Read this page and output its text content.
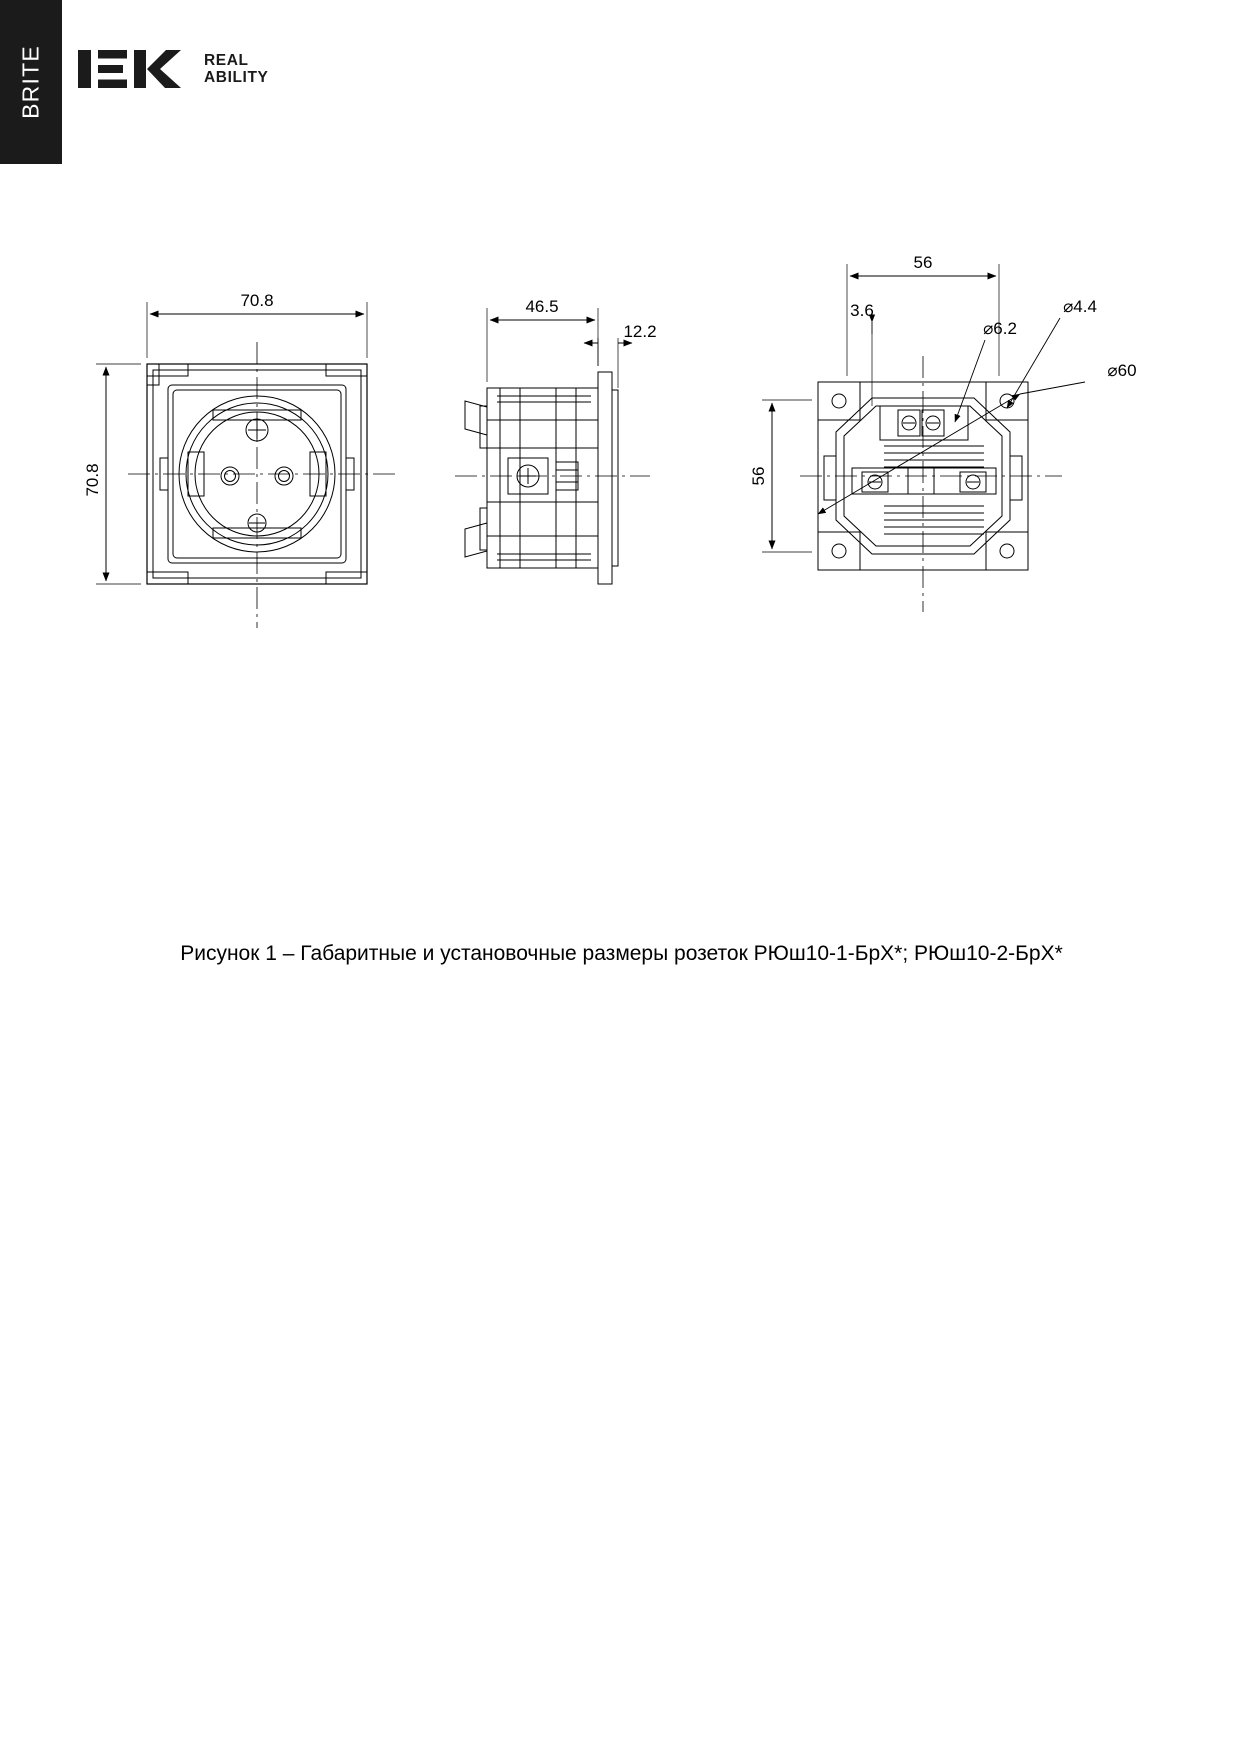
BRITE	REAL
ABILITY
70.8
70.8
46.5
12.2
56
56
3.6
⌀6.2
⌀4.4
⌀60
Рисунок 1 – Габаритные и установочные размеры розеток РЮш10-1-БрX*; РЮш10-2-БрX*
